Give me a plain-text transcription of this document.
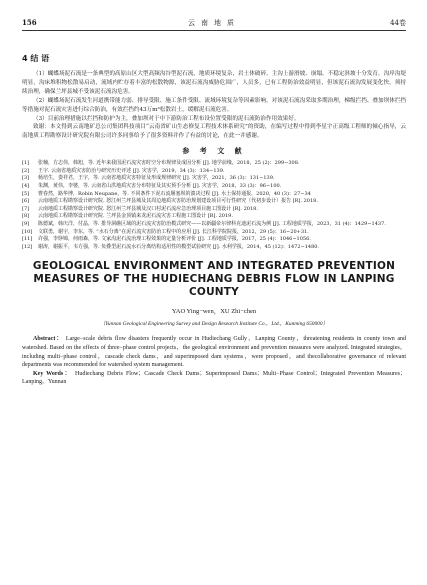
156	云南地质	44卷
4 结 语

（1）蝴蝶场泥石流是一条典型的高原山区大型高频沟谷型泥石流，地质环境复杂，岩土体破碎，主沟上游滑坡、崩塌、不稳定斜坡十分发育，沟岸沟堤明显，沟床堆积物松散易启动，流域内贮存着丰富的松散物源，该泥石流沟威胁危围广，人员多，已有工程防治效益明显，但该泥石流沟发展变化快，须持续治理，确保兰坪县城不受该泥石流沟危害。

（2）蝴蝶场泥石流发生河道携带能力弱、排导受限、施工条件受限、流域环境复杂等因素影响，对该泥石流沟采取多期治理，梯级拦挡、叠加坝体拦挡等措施对泥石流灾害进行综合防治，有效拦挡约43万m³松散岩土，缓解泥石流危害。

（3）目前治理措施以拦挡和防护为主，叠加坝对于中下游防治工程布设位置受限的泥石流防治作用效果好。

致谢：本文得到云南地矿总公司集团科技项目“云南省矿山生态修复工程技术体系研究”的资助，在编写过程中得到李星宇正高级工程师的倾心指导，云南地质工程勘察设计研究院有限公司许多同事给予了很多资料并作了有益的讨论，在此一并感谢。

参 考 文 献
[1]	张楠，方志伟，韩旭，等. 近年来我国泥石流灾害时空分布规律及成因分析 [J]. 地学前缘，2018，25 (2)：299−308.
[2]	王宇. 云南省地质灾害防治与研究历史评述 [J]. 灾害学，2019，34 (3)：134−139.
[3]	杨培生，娄祥君，王宇，等. 云南省地质灾害特征及形成规律研究 [J]. 灾害学，2021，36 (3)：131−139.
[4]	朱渊，黄伟，李婆，等. 云南省山洪地质灾害分布特征及其实预手分析 [J]. 灾害学，2018，33 (3)：96−100.
[5]	曹春然，路华博，Robin Neupane，等. 不同条件下泥石流堰塞坝的溃决过程 [J]. 水土保持通报，2020，40 (3)：27−34
[6]	云南地质工程勘察设计研究院. 怒江州兰坪县城及其周边地质灾害防治规划建设项目可行性研究（代初步设计）报告 [R]. 2018.
[7]	云南地质工程勘察设计研究院. 怒江州兰坪县城及汉口村泥石流应急治理项目施工图设计 [R]. 2018.
[8]	云南地质工程勘察设计研究院. 兰坪县金顶镇来龙泥石流灾害工程施工图设计 [R]. 2019.
[9]	陈德斌，韩庆洋，付晶，等. 排导洞礁区域的泥石流灾害防治模式研究——以新疆帝尔律科克迪泥石流为例 [J]. 工程地质学报，2023，31 (4)：1429−1437.
[10]	文联勇，谢宇，李东，等. “水石分离”在泥石流灾害防治工程中的应用 [J]. 长江科学院院报，2012，29 (5)：16−20+31.
[11]	许强，李铮锦，何雨森，等. 文家沟泥石流治理工程效果的定量分析评价 [J]. 工程地质学报，2017，25 (4)：1046−1056.
[12]	谢涛，谢振平，韦方强，等. 负叠型泥石流水石分离结构适用性的模型试验研究 [J]. 水利学报，2014，45 (12)：1472−1480.
GEOLOGICAL ENVIRONMENT AND INTEGRATED PREVENTION MEASURES OF THE HUDIECHANG DEBRIS FLOW IN LANPING COUNTY
YAO Ying−wen，XU Zhi−chen
（Yunnan Geological Engineering Survey and Design Research Institute Co.，Ltd.，Kunming 650000）
Abstract： Large−scale debris flow disasters frequently occur in Hudiechang Gully，Lanping County，threatening residents in county town and watershed. Based on the effects of three−phase control projects，the geological environment and prevention measures were analyzed. Integrated strategies，including multi−phase control，cascade check dams，and superimposed dam systems，were proposed，and thecollaborative governance of relevant departments was recommended for watershed system management.
Key Words： Hudiechang Debris Flow；Cascade Check Dams；Superimposed Dams；Multi−Phase Control；Integrated Prevention Measures；Lanping，Yunnan
